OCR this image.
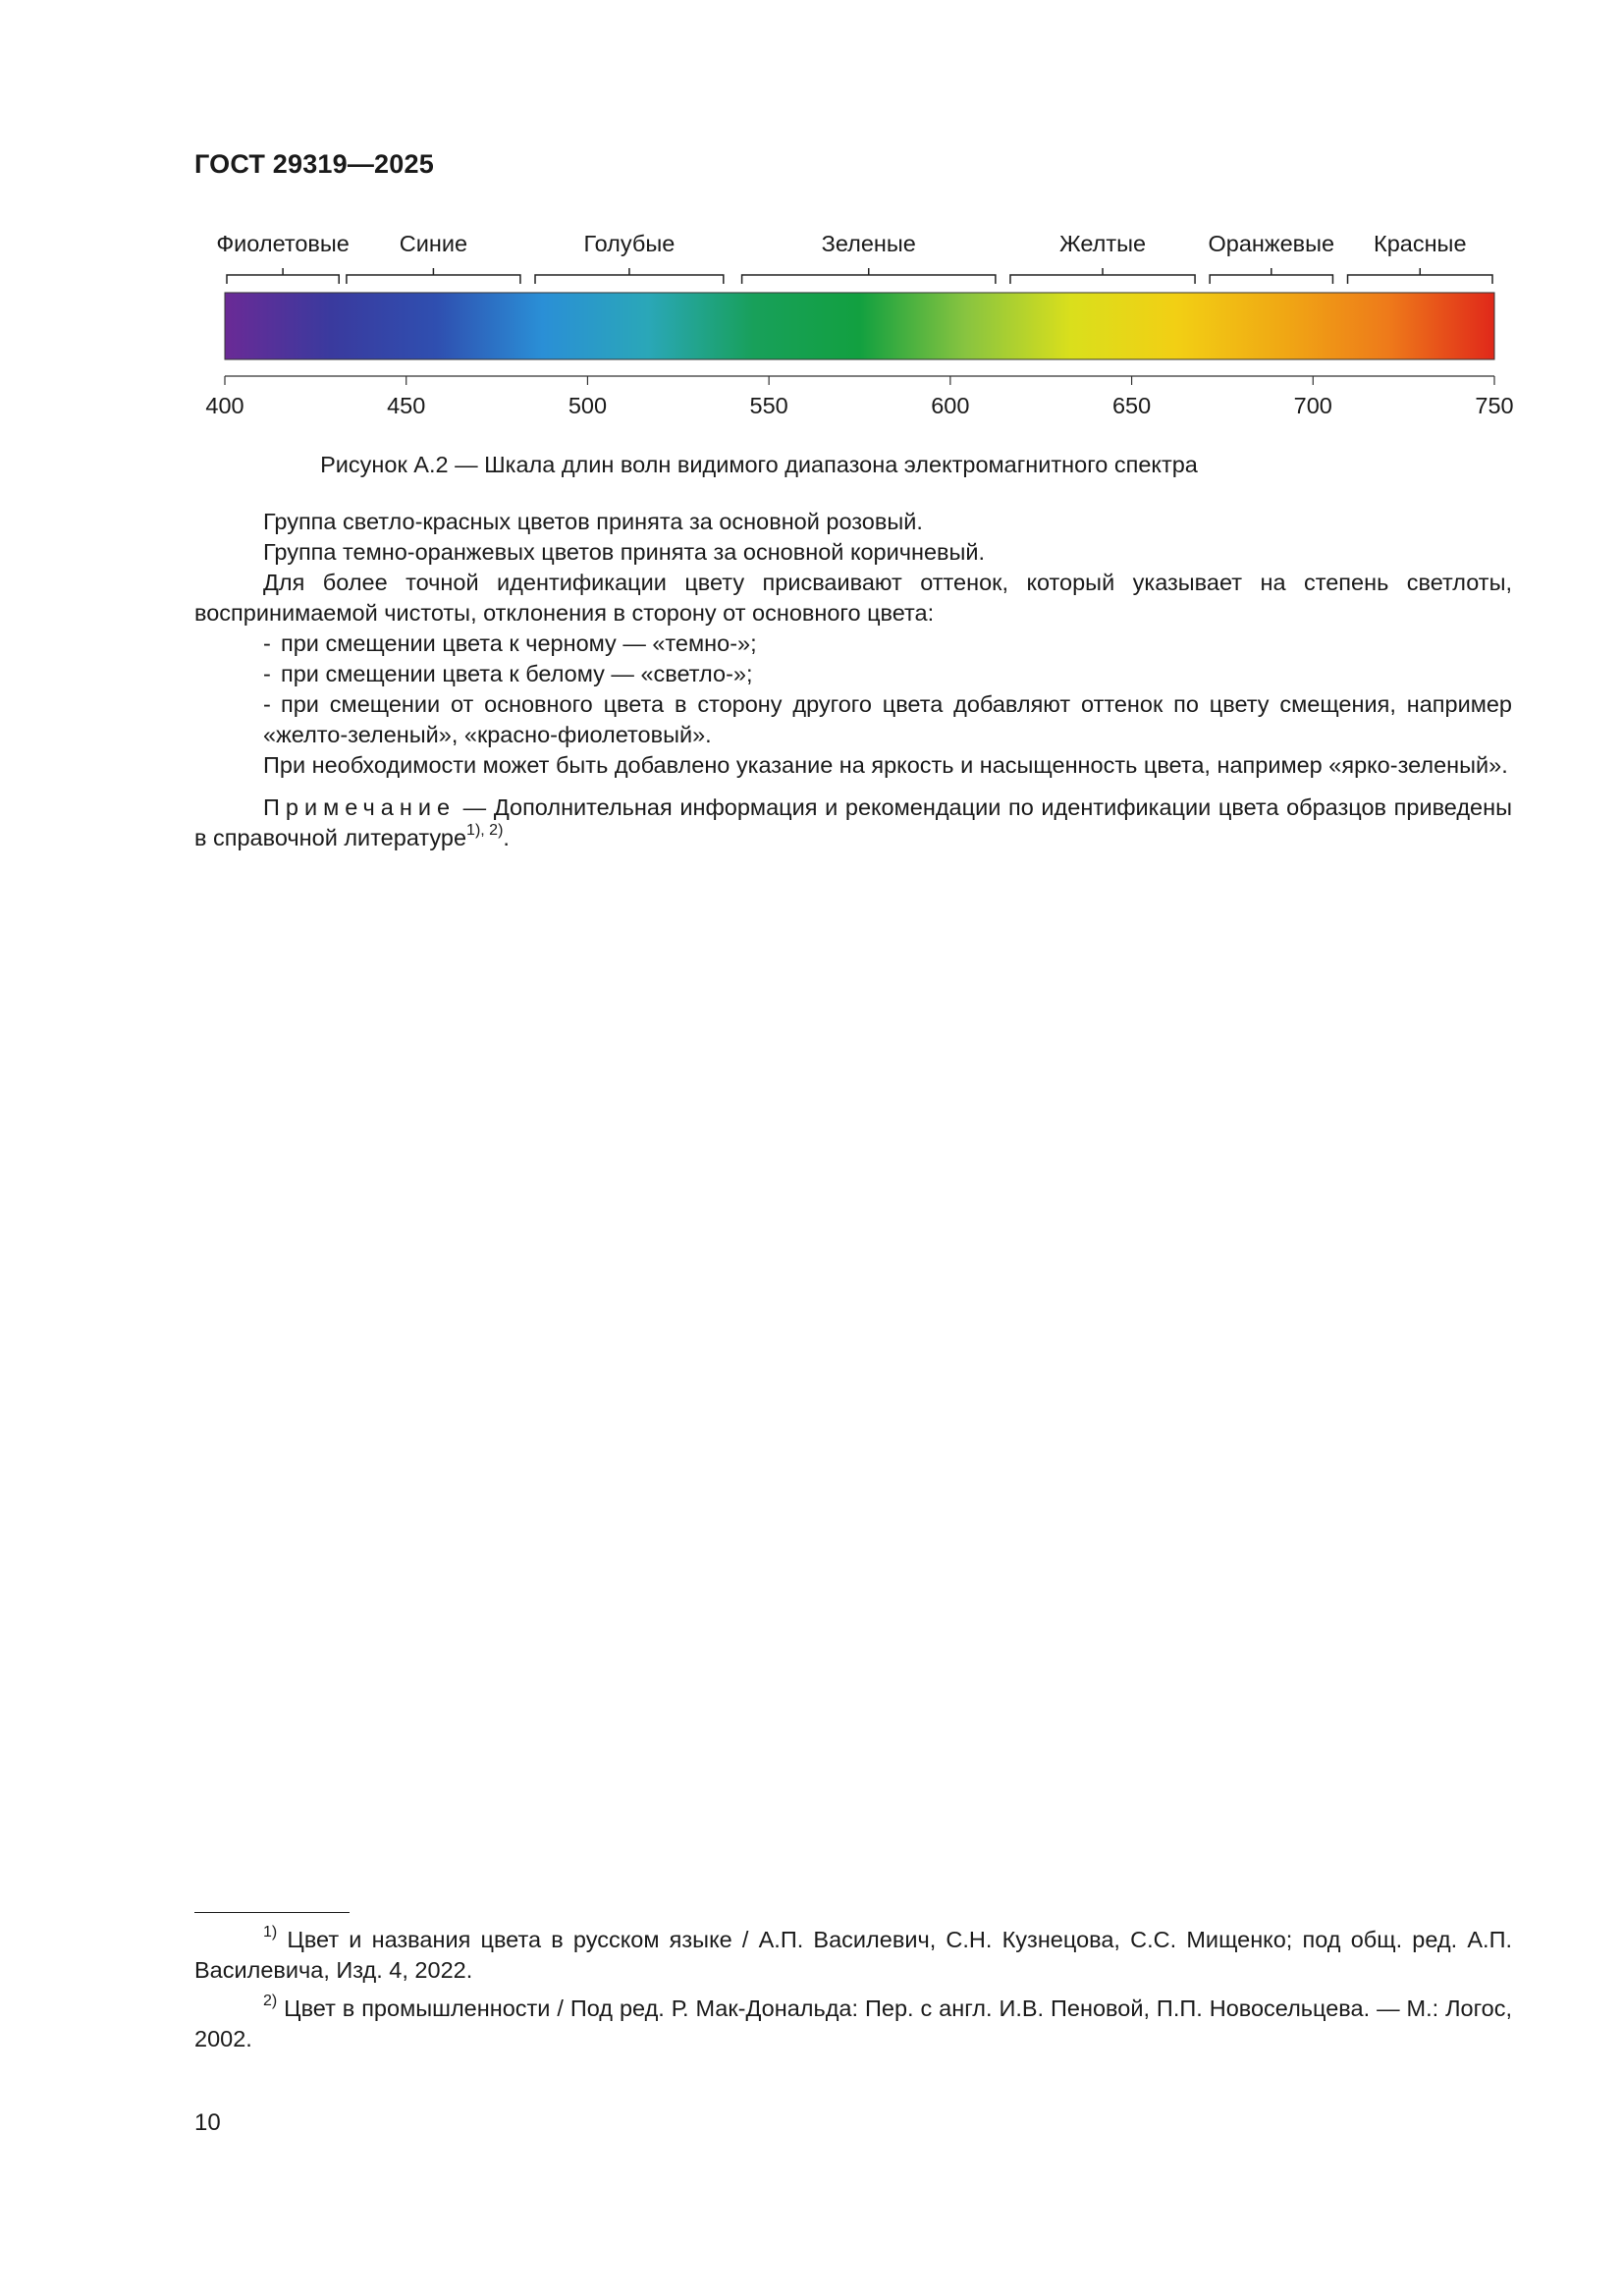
ГОСТ 29319—2025
Фиолетовые Синие	Голубые	Зеленые	Желтые	Оранжевые Красные
400	450	500	550	600	650	700	750
Рисунок А.2 — Шкала длин волн видимого диапазона электромагнитного спектра

Группа светло-красных цветов принята за основной розовый.

Группа темно-оранжевых цветов принята за основной коричневый.

Для более точной идентификации цвету присваивают оттенок, который указывает на степень светлоты, воспринимаемой чистоты, отклонения в сторону от основного цвета:

- при смещении цвета к черному — «темно-»;

- при смещении цвета к белому — «светло-»;

- при смещении от основного цвета в сторону другого цвета добавляют оттенок по цвету смещения, например «желто-зеленый», «красно-фиолетовый».

При необходимости может быть добавлено указание на яркость и насыщенность цвета, например «ярко-зеленый».

Примечание — Дополнительная информация и рекомендации по идентификации цвета образцов приведены в справочной литературе$^{1), 2)}$.

$^{1)}$ Цвет и названия цвета в русском языке / А.П. Василевич, С.Н. Кузнецова, С.С. Мищенко; под общ. ред. А.П. Василевича, Изд. 4, 2022.

$^{2)}$ Цвет в промышленности / Под ред. Р. Мак-Дональда: Пер. с англ. И.В. Пеновой, П.П. Новосельцева. — М.: Логос, 2002.

10
